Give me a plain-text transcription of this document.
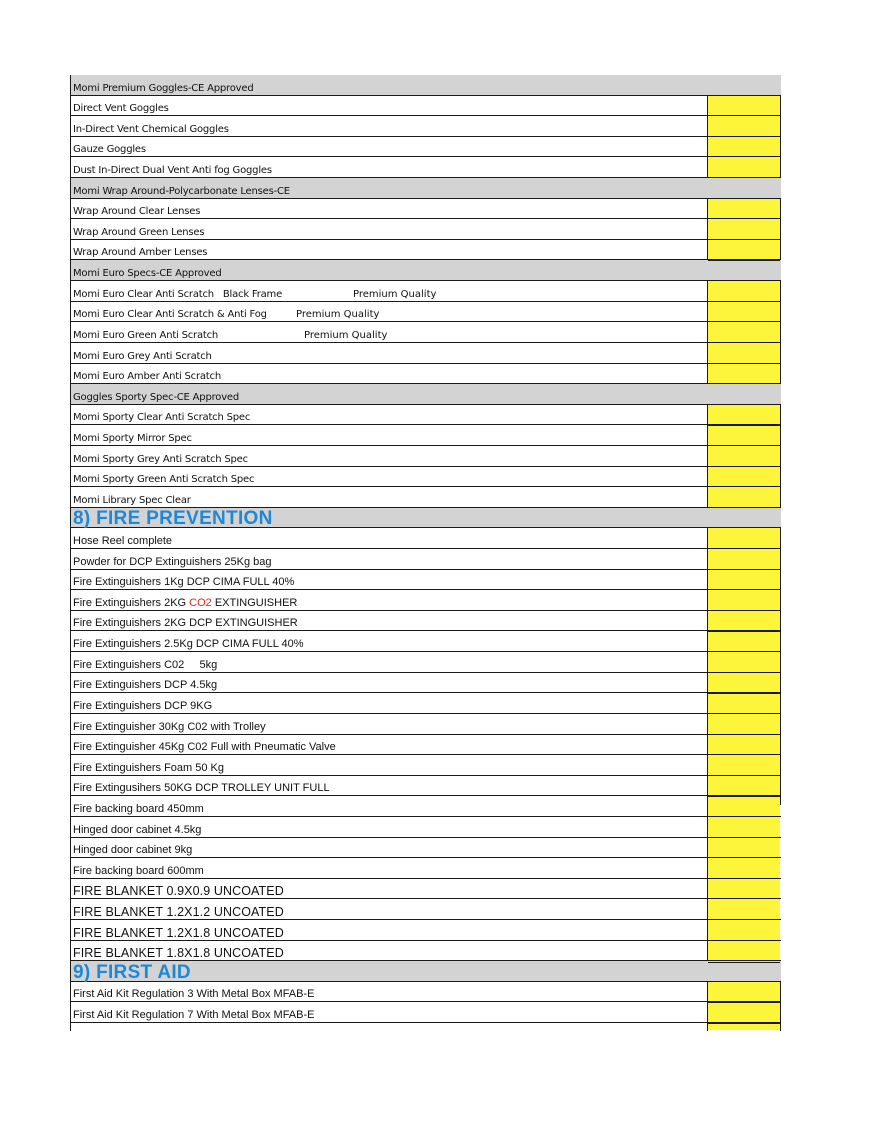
Momi Premium Goggles-CE Approved
Direct Vent Goggles
In-Direct Vent Chemical Goggles
Gauze Goggles
Dust In-Direct Dual Vent Anti fog Goggles
Momi Wrap Around-Polycarbonate Lenses-CE
Wrap Around Clear Lenses
Wrap Around Green Lenses
Wrap Around Amber Lenses
Momi Euro Specs-CE Approved
Momi Euro Clear Anti Scratch   Black Frame	Premium Quality
Momi Euro Clear Anti Scratch & Anti Fog	Premium Quality
Momi Euro Green Anti Scratch	Premium Quality
Momi Euro Grey Anti Scratch
Momi Euro Amber Anti Scratch
Goggles Sporty Spec-CE Approved
Momi Sporty Clear Anti Scratch Spec
Momi Sporty Mirror Spec
Momi Sporty Grey Anti Scratch Spec
Momi Sporty Green Anti Scratch Spec
Momi Library Spec Clear
8) FIRE PREVENTION
Hose Reel complete
Powder for DCP Extinguishers 25Kg bag
Fire Extinguishers 1Kg DCP CIMA FULL 40%
Fire Extinguishers 2KG CO2 EXTINGUISHER
Fire Extinguishers 2KG DCP EXTINGUISHER
Fire Extinguishers 2.5Kg DCP CIMA FULL 40%
Fire Extinguishers C02     5kg
Fire Extinguishers DCP 4.5kg
Fire Extinguishers DCP 9KG
Fire Extinguisher 30Kg C02 with Trolley
Fire Extinguisher 45Kg C02 Full with Pneumatic Valve
Fire Extinguishers Foam 50 Kg
Fire Extingusihers 50KG DCP TROLLEY UNIT FULL
Fire backing board 450mm
Hinged door cabinet 4.5kg
Hinged door cabinet 9kg
Fire backing board 600mm
FIRE BLANKET 0.9X0.9 UNCOATED
FIRE BLANKET 1.2X1.2 UNCOATED
FIRE BLANKET 1.2X1.8 UNCOATED
FIRE BLANKET 1.8X1.8 UNCOATED
9) FIRST AID
First Aid Kit Regulation 3 With Metal Box MFAB-E
First Aid Kit Regulation 7 With Metal Box MFAB-E
